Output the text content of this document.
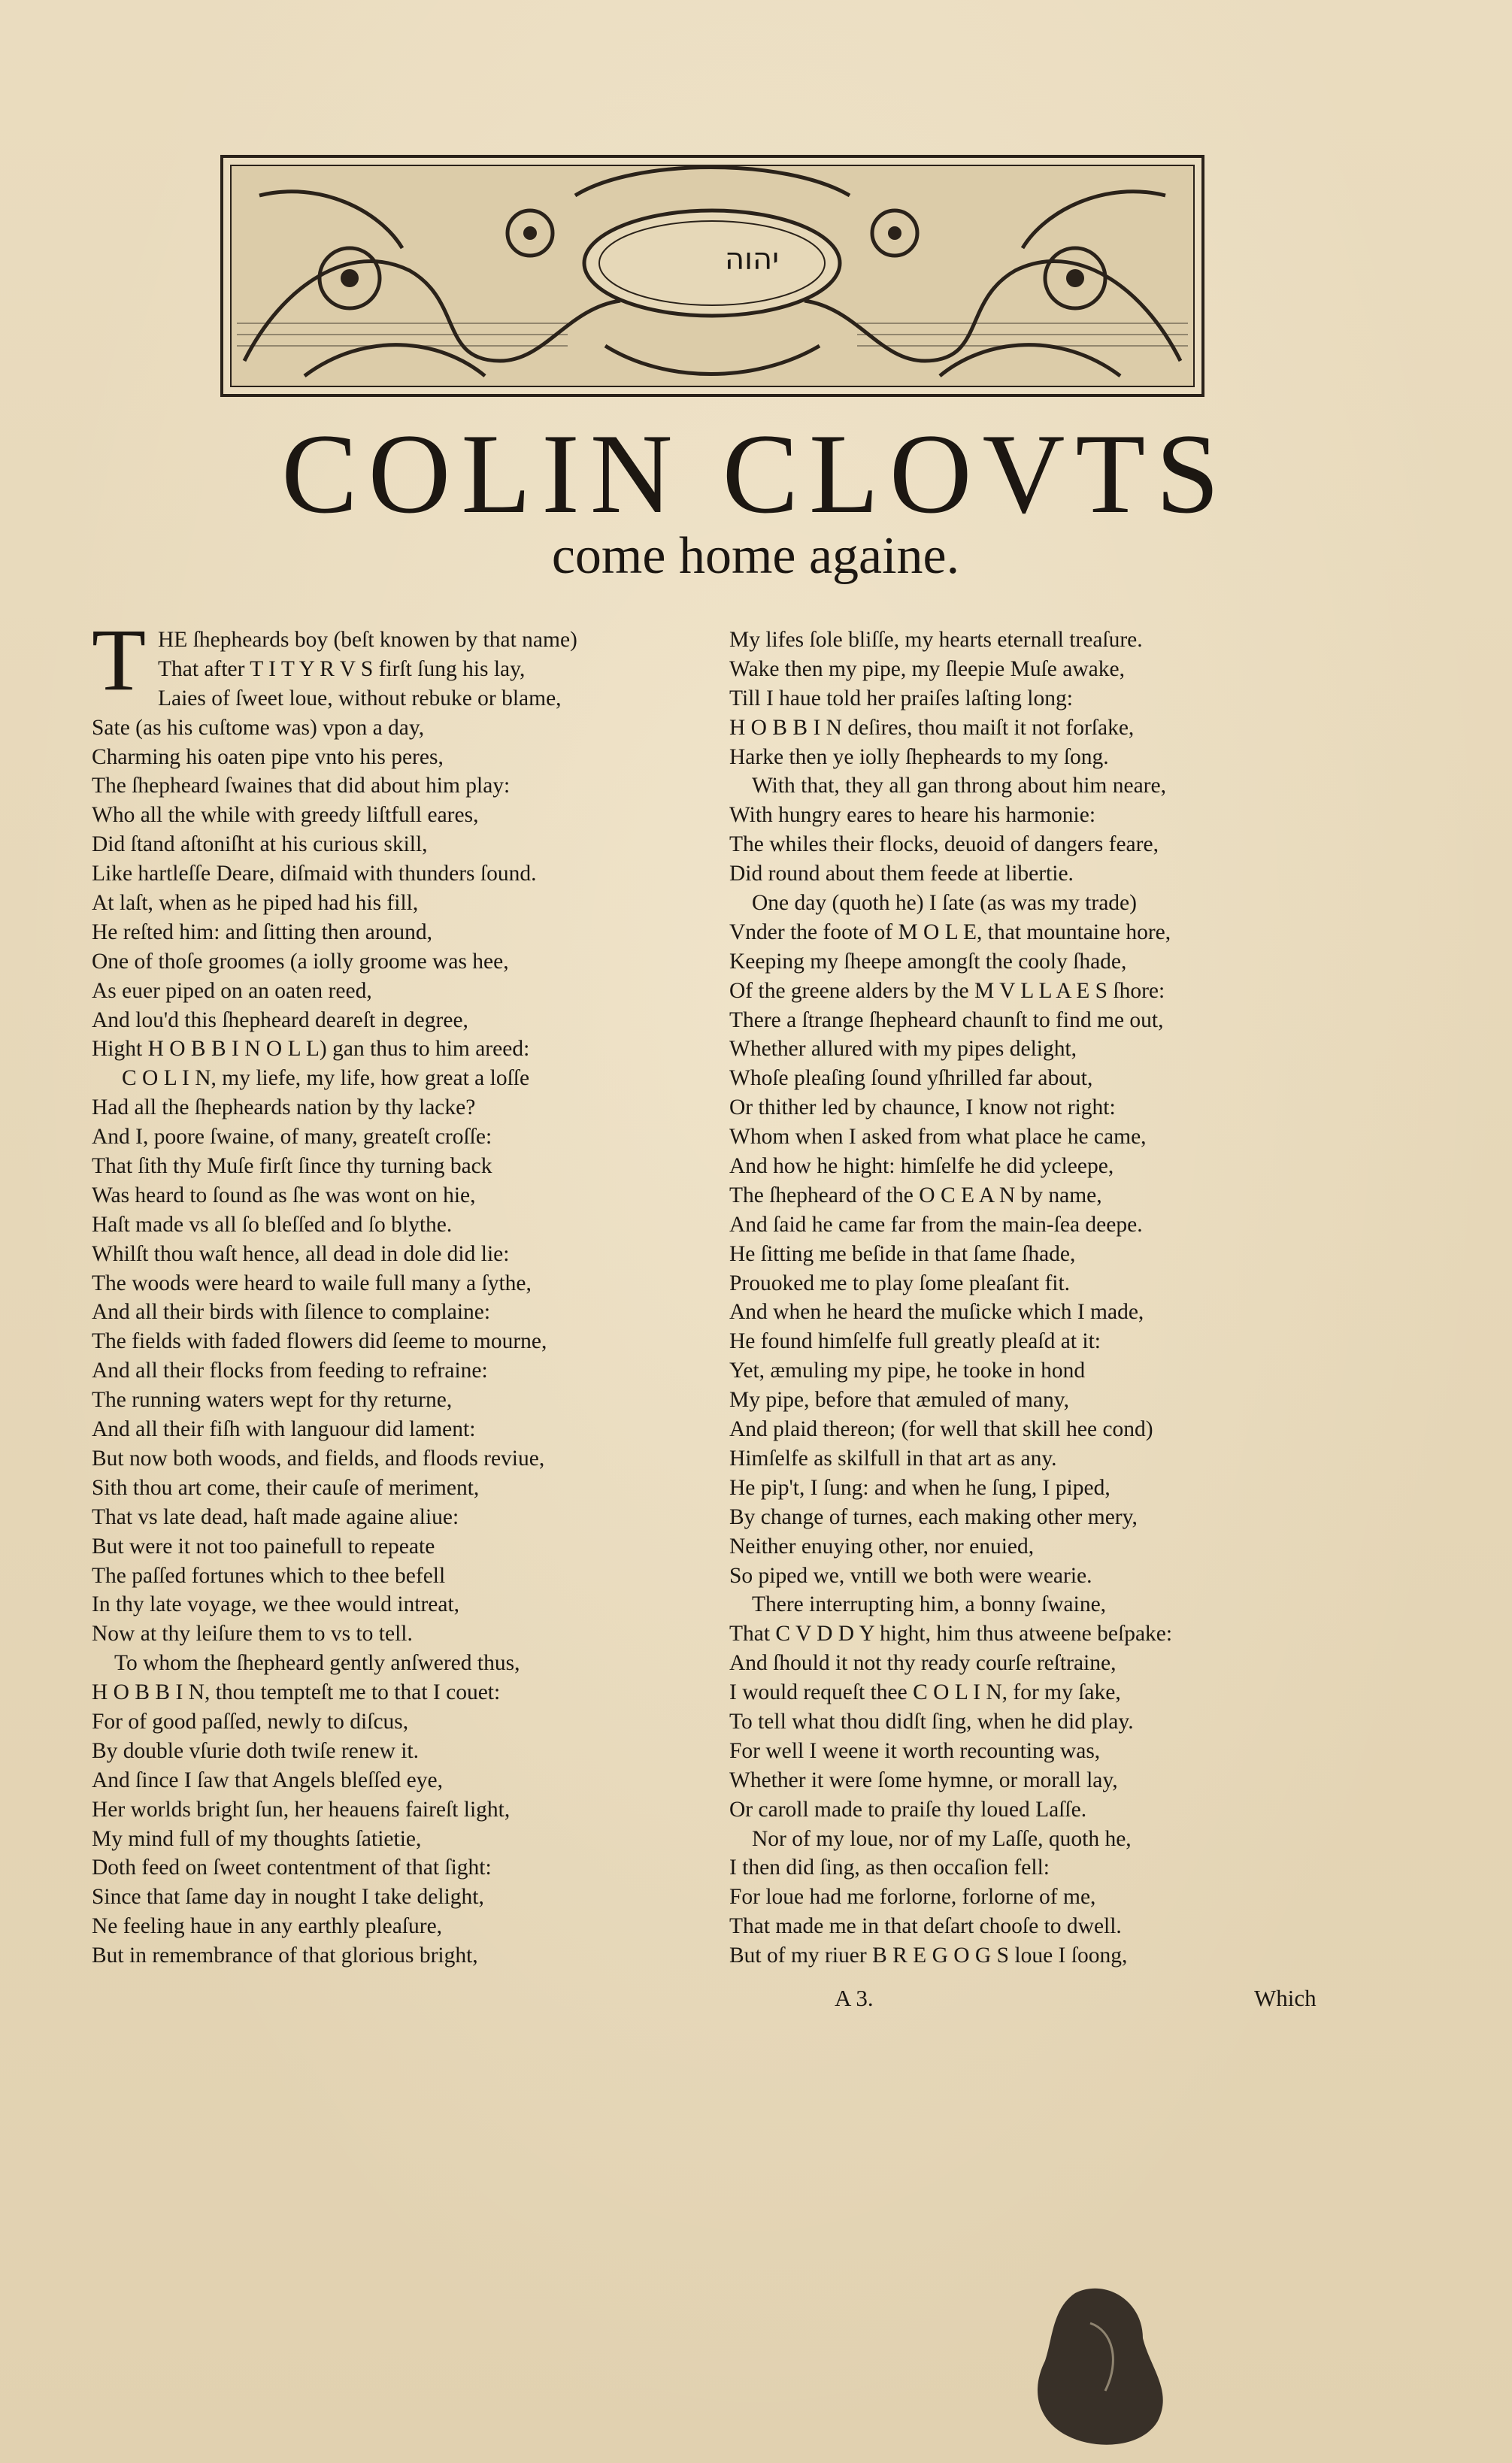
יהוה
COLIN CLOVTS
come home againe.
T HE ſhepheards boy (beſt knowen by that name)
That after T I T Y R V S firſt ſung his lay,
Laies of ſweet loue, without rebuke or blame,
Sate (as his cuſtome was) vpon a day,
Charming his oaten pipe vnto his peres,
The ſhepheard ſwaines that did about him play:
Who all the while with greedy liſtfull eares,
Did ſtand aſtoniſht at his curious skill,
Like hartleſſe Deare, diſmaid with thunders ſound.
At laſt, when as he piped had his fill,
He reſted him: and ſitting then around,
One of thoſe groomes (a iolly groome was hee,
As euer piped on an oaten reed,
And lou'd this ſhepheard deareſt in degree,
Hight H O B B I N O L L) gan thus to him areed:
C O L I N, my liefe, my life, how great a loſſe
Had all the ſhepheards nation by thy lacke?
And I, poore ſwaine, of many, greateſt croſſe:
That ſith thy Muſe firſt ſince thy turning back
Was heard to ſound as ſhe was wont on hie,
Haſt made vs all ſo bleſſed and ſo blythe.
Whilſt thou waſt hence, all dead in dole did lie:
The woods were heard to waile full many a ſythe,
And all their birds with ſilence to complaine:
The fields with faded flowers did ſeeme to mourne,
And all their flocks from feeding to refraine:
The running waters wept for thy returne,
And all their fiſh with languour did lament:
But now both woods, and fields, and floods reviue,
Sith thou art come, their cauſe of meriment,
That vs late dead, haſt made againe aliue:
But were it not too painefull to repeate
The paſſed fortunes which to thee befell
In thy late voyage, we thee would intreat,
Now at thy leiſure them to vs to tell.
To whom the ſhepheard gently anſwered thus,
H O B B I N, thou tempteſt me to that I couet:
For of good paſſed, newly to diſcus,
By double vſurie doth twiſe renew it.
And ſince I ſaw that Angels bleſſed eye,
Her worlds bright ſun, her heauens faireſt light,
My mind full of my thoughts ſatietie,
Doth feed on ſweet contentment of that ſight:
Since that ſame day in nought I take delight,
Ne feeling haue in any earthly pleaſure,
But in remembrance of that glorious bright,
My lifes ſole bliſſe, my hearts eternall treaſure.
Wake then my pipe, my ſleepie Muſe awake,
Till I haue told her praiſes laſting long:
H O B B I N deſires, thou maiſt it not forſake,
Harke then ye iolly ſhepheards to my ſong.
With that, they all gan throng about him neare,
With hungry eares to heare his harmonie:
The whiles their flocks, deuoid of dangers feare,
Did round about them feede at libertie.
One day (quoth he) I ſate (as was my trade)
Vnder the foote of M O L E, that mountaine hore,
Keeping my ſheepe amongſt the cooly ſhade,
Of the greene alders by the M V L L A E S ſhore:
There a ſtrange ſhepheard chaunſt to find me out,
Whether allured with my pipes delight,
Whoſe pleaſing ſound yſhrilled far about,
Or thither led by chaunce, I know not right:
Whom when I asked from what place he came,
And how he hight: himſelfe he did ycleepe,
The ſhepheard of the O C E A N by name,
And ſaid he came far from the main-ſea deepe.
He ſitting me beſide in that ſame ſhade,
Prouoked me to play ſome pleaſant fit.
And when he heard the muſicke which I made,
He found himſelfe full greatly pleaſd at it:
Yet, æmuling my pipe, he tooke in hond
My pipe, before that æmuled of many,
And plaid thereon; (for well that skill hee cond)
Himſelfe as skilfull in that art as any.
He pip't, I ſung: and when he ſung, I piped,
By change of turnes, each making other mery,
Neither enuying other, nor enuied,
So piped we, vntill we both were wearie.
There interrupting him, a bonny ſwaine,
That C V D D Y hight, him thus atweene beſpake:
And ſhould it not thy ready courſe reſtraine,
I would requeſt thee C O L I N, for my ſake,
To tell what thou didſt ſing, when he did play.
For well I weene it worth recounting was,
Whether it were ſome hymne, or morall lay,
Or caroll made to praiſe thy loued Laſſe.
Nor of my loue, nor of my Laſſe, quoth he,
I then did ſing, as then occaſion fell:
For loue had me forlorne, forlorne of me,
That made me in that deſart chooſe to dwell.
But of my riuer B R E G O G S loue I ſoong,
A 3.	Which
